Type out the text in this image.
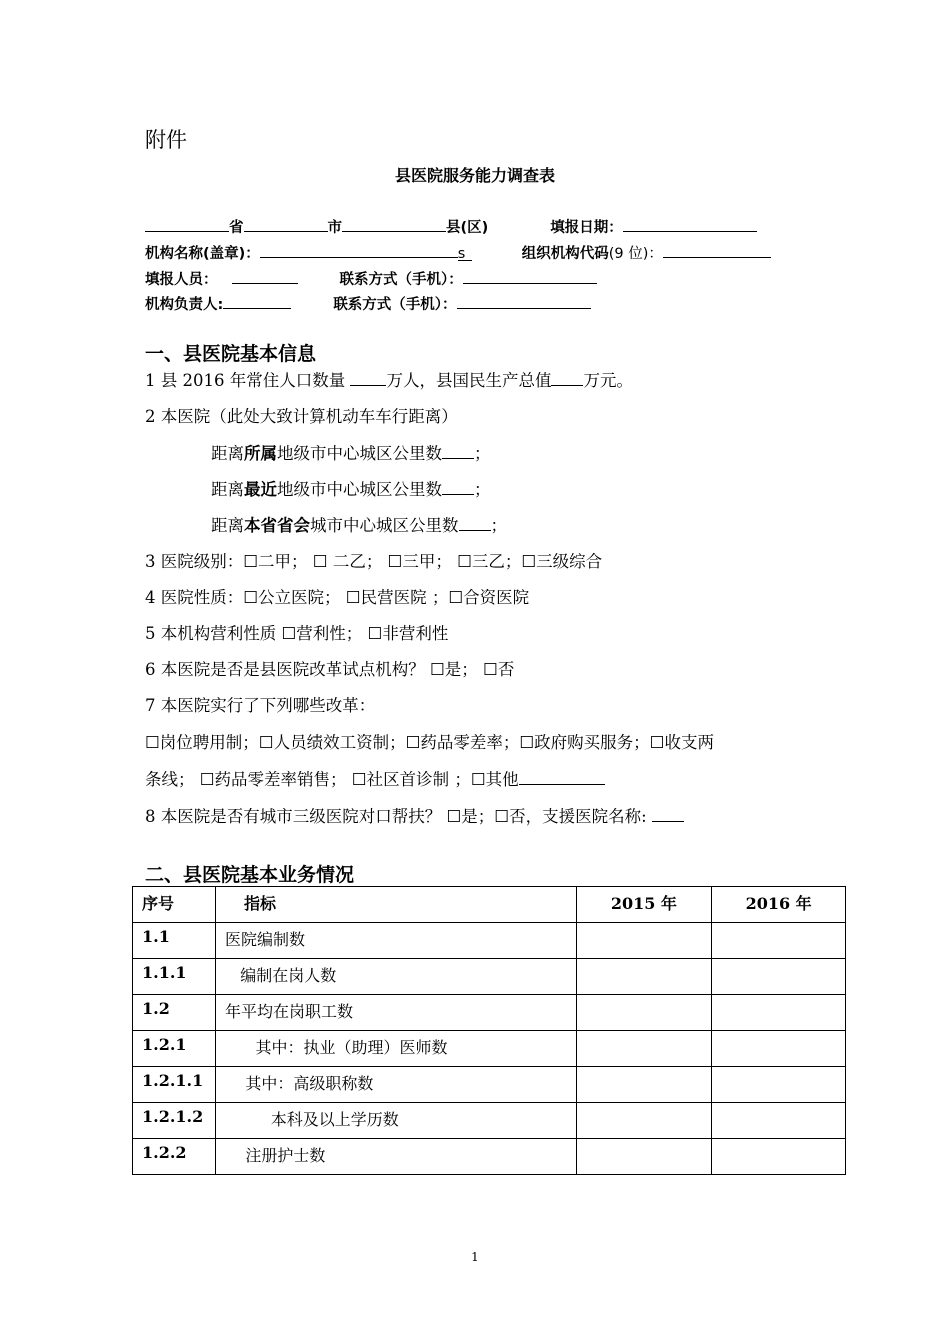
附件
县医院服务能力调查表
省	市	县(区)	填报日期：
机构名称(盖章)：	s	组织机构代码(9 位)：
填报人员：	联系方式（手机）：
机构负责人:	联系方式（手机）：
一、县医院基本信息
1 县 2016 年常住人口数量 万人，县国民生产总值 万元。
2 本医院（此处大致计算机动车车行距离）
距离所属地级市中心城区公里数 ；
距离最近地级市中心城区公里数 ；
距离本省省会城市中心城区公里数 ；
3 医院级别：☐二甲； ☐ 二乙； ☐三甲； ☐三乙；☐三级综合
4 医院性质：☐公立医院； ☐民营医院 ；☐合资医院
5 本机构营利性质 ☐营利性； ☐非营利性
6 本医院是否是县医院改革试点机构？ ☐是； ☐否
7 本医院实行了下列哪些改革：
☐岗位聘用制；☐人员绩效工资制；☐药品零差率；☐政府购买服务；☐收支两
条线； ☐药品零差率销售； ☐社区首诊制 ；☐其他
8 本医院是否有城市三级医院对口帮扶？ ☐是；☐否，支援医院名称:
二、县医院基本业务情况
序号	指标	2015 年	2016 年
1.1	医院编制数		
1.1.1	编制在岗人数		
1.2	年平均在岗职工数		
1.2.1	其中：执业（助理）医师数		
1.2.1.1	其中：高级职称数		
1.2.1.2	本科及以上学历数		
1.2.2	注册护士数		
1
